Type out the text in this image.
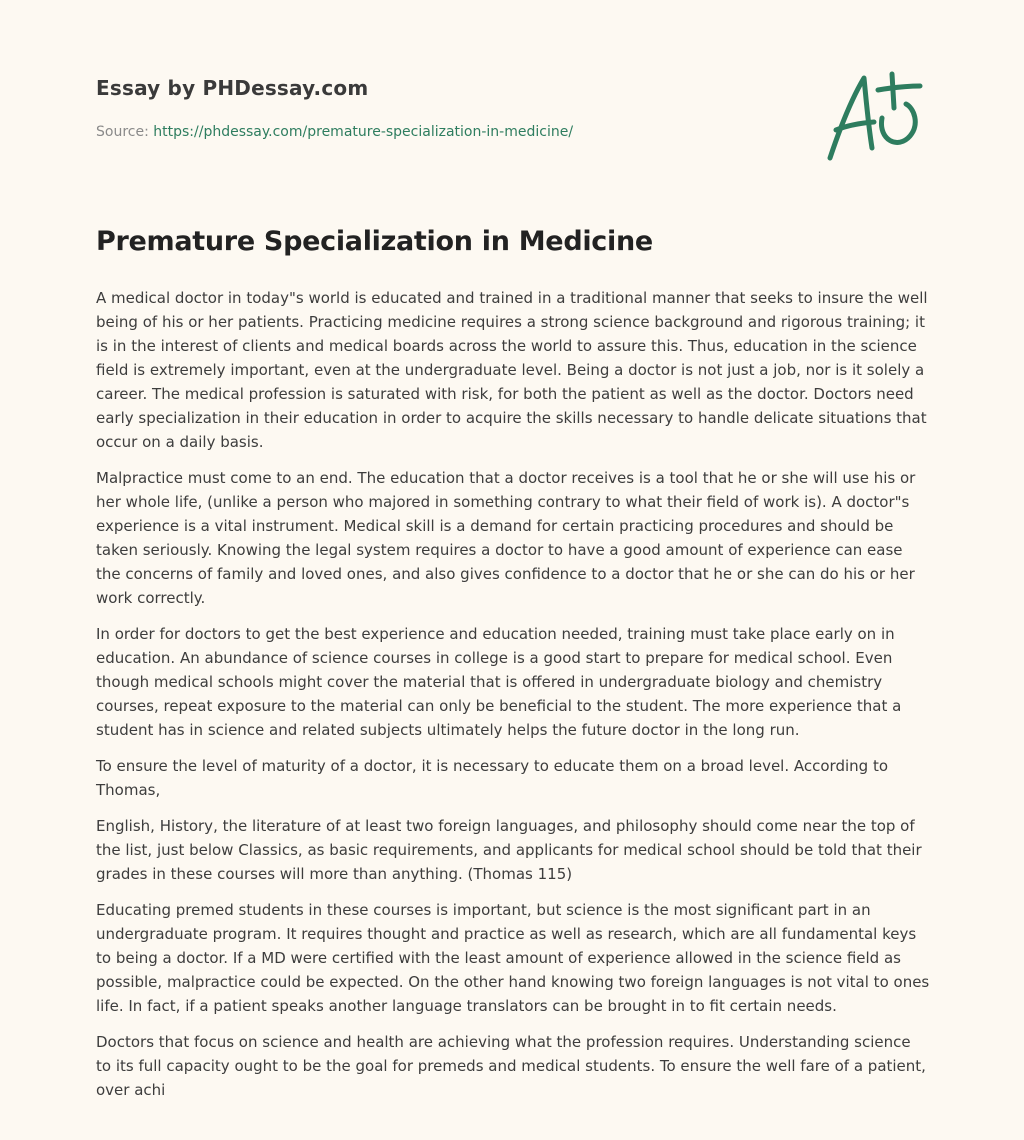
Essay by PHDessay.com
Source: https://phdessay.com/premature-specialization-in-medicine/
Premature Specialization in Medicine

A medical doctor in today"s world is educated and trained in a traditional manner that seeks to insure the well being of his or her patients. Practicing medicine requires a strong science background and rigorous training; it is in the interest of clients and medical boards across the world to assure this. Thus, education in the science field is extremely important, even at the undergraduate level. Being a doctor is not just a job, nor is it solely a career. The medical profession is saturated with risk, for both the patient as well as the doctor. Doctors need early specialization in their education in order to acquire the skills necessary to handle delicate situations that occur on a daily basis.

Malpractice must come to an end. The education that a doctor receives is a tool that he or she will use his or her whole life, (unlike a person who majored in something contrary to what their field of work is). A doctor"s experience is a vital instrument. Medical skill is a demand for certain practicing procedures and should be taken seriously. Knowing the legal system requires a doctor to have a good amount of experience can ease the concerns of family and loved ones, and also gives confidence to a doctor that he or she can do his or her work correctly.

In order for doctors to get the best experience and education needed, training must take place early on in education. An abundance of science courses in college is a good start to prepare for medical school. Even though medical schools might cover the material that is offered in undergraduate biology and chemistry courses, repeat exposure to the material can only be beneficial to the student. The more experience that a student has in science and related subjects ultimately helps the future doctor in the long run.

To ensure the level of maturity of a doctor, it is necessary to educate them on a broad level. According to Thomas,

English, History, the literature of at least two foreign languages, and philosophy should come near the top of the list, just below Classics, as basic requirements, and applicants for medical school should be told that their grades in these courses will more than anything. (Thomas 115)

Educating premed students in these courses is important, but science is the most significant part in an undergraduate program. It requires thought and practice as well as research, which are all fundamental keys to being a doctor. If a MD were certified with the least amount of experience allowed in the science field as possible, malpractice could be expected. On the other hand knowing two foreign languages is not vital to ones life. In fact, if a patient speaks another language translators can be brought in to fit certain needs.

Doctors that focus on science and health are achieving what the profession requires. Understanding science to its full capacity ought to be the goal for premeds and medical students. To ensure the well fare of a patient, over achi
